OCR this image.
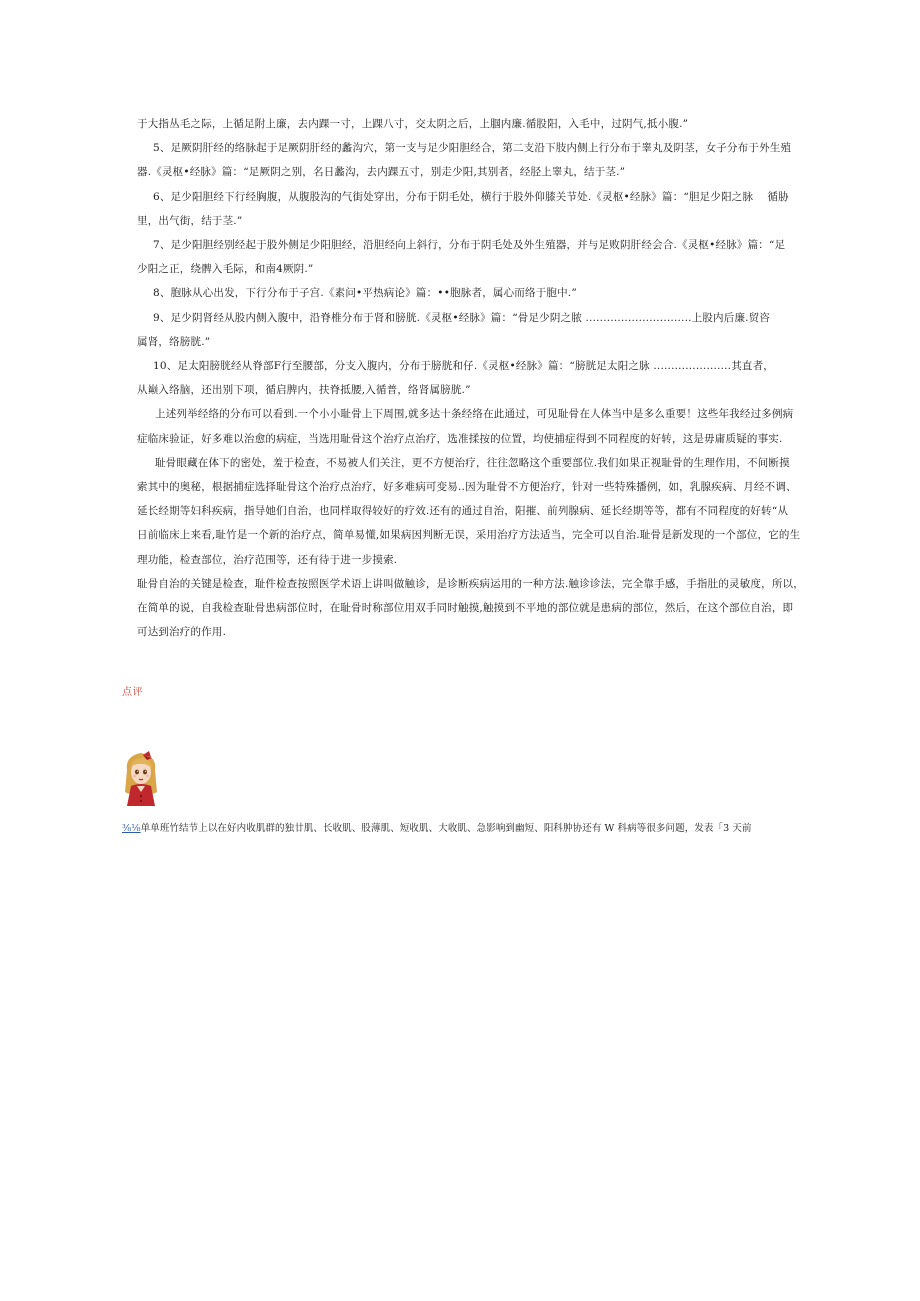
于大指丛毛之际，上循足附上廉，去内踝一寸，上踝八寸，交太阴之后，上腘内廉.循股阳，入毛中，过阴气,抵小腹.”

5、足厥阴肝经的络脉起于足厥阴肝经的蠡沟穴，第一支与足少阳胆经合，第二支沿下肢内侧上行分布于睾丸及阴茎，女子分布于外生殖

器.《灵枢•经脉》篇：“足厥阴之别，名日蠡沟，去内踝五寸，别走少阳,其别者，经胫上睾丸，结于茎.”

6、足少阳胆经下行经胸腹，从腹股沟的气街处穿出，分布于阴毛处，横行于股外仰膝关节处.《灵枢•经脉》篇：“胆足少阳之脉　 循胁

里，出气街，结于茎.”

7、足少阳胆经别经起于股外侧足少阳胆经，沿胆经向上斜行，分布于阴毛处及外生殖器，并与足败阴肝经会合.《灵枢•经脉》篇：“足

少阳之正，绕髀入毛际，和南4厥阴.”

8、胞脉从心出发，下行分布于子宫.《素问•平热病论》篇：••胞脉者，属心而络于胞中.”

9、足少阴肾经从股内侧入腹中，沿脊椎分布于肾和膀胱.《灵枢•经脉》篇：“骨足少阴之脓 ..............................上股内后廉.贸咨

属肾，络膀胱.”

10、足太阳膀胱经从脊部F行至腰部，分支入腹内，分布于膀胱和仔.《灵枢•经脉》篇：“膀胱足太阳之脉 ......................其直者，

从巅入络脑，还出别下项，循启脾内，扶脊抵腰,入循普，络肾属膀胱.”

上述列举经络的分布可以看到.一个小小耻骨上下周围,就多达十条经络在此通过，可见耻骨在人体当中是多么重要！这些年我经过多例病

症临床验证，好多难以治愈的病症，当选用耻骨这个治疗点治疗，选准揉按的位置，均使捕症得到不同程度的好转，这是毋庸质疑的事实.

耻骨眼藏在体下的密处，羞于检查，不易被人们关注，更不方便治疗，往往忽略这个重要部位.我们如果正视耻骨的生理作用，不间断摸

索其中的奥秘，根据捕症选择耻骨这个治疗点治疗，好多难病可变易..因为耻骨不方便治疗，针对一些特殊播例，如，乳腺疾病、月经不调、

延长经期等妇科疾病，指导她们自治，也同样取得较好的疗效.还有的通过自治，阳摧、前列腺病、延长经期等等，都有不同程度的好转“从

日前临床上来看,耻竹是一个新的治疗点，简单易懂,如果病因判断无误，采用治疗方法适当，完全可以自治.耻骨是新发现的一个部位，它的生

理功能，检查部位，治疗范围等，还有待于进一步摸索.

耻骨自治的关键是检查，耻件检查按照医学术语上讲叫做触诊，是诊断疾病运用的一种方法.触诊诊法，完全靠手感，手指肚的灵敏度，所以，

在简单的说，自我检查耻骨患病部位时，在耻骨时称部位用双手同时触摸,触摸到不平地的部位就是患病的部位，然后，在这个部位自治，即

可达到治疗的作用.

点评
⅜⅛单单班竹结节上以在好内收肌群的独廿肌、长收肌、股薄肌、短收肌、大收肌、急影响到幽短、阳科肿协还有 W 科病等很多问题，发表「3 天前
